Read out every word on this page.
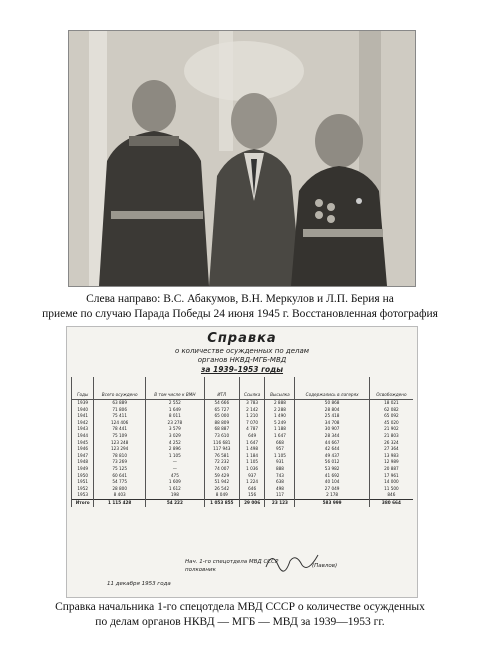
Слева направо: В.С. Абакумов, В.Н. Меркулов и Л.П. Берия на
приеме по случаю Парада Победы 24 июня 1945 г. Восстановленная фотография
Справка
о количестве осужденных по делам
органов НКВД-МГБ-МВД
за 1939–1953 годы
Годы	Всего осуждено	В том числе к ВМН	ИТЛ	Ссылка	Высылка	Содержались в лагерях	Освобождено
1939	63 889	2 552	54 666	3 783	2 888	50 868	18 021
1940	71 806	1 649	65 727	2 142	2 288	28 804	62 082
1941	75 411	8 011	65 000	1 210	1 490	25 418	65 092
1942	124 406	23 278	88 809	7 070	5 249	34 708	45 020
1943	78 441	3 579	68 887	4 787	1 188	30 907	21 902
1944	75 109	3 029	73 610	649	1 647	28 344	21 803
1945	123 248	4 252	116 681	1 647	668	44 667	26 324
1946	123 294	2 896	117 943	1 498	957	42 644	27 364
1947	78 810	1 105	76 581	1 184	1 105	49 437	13 983
1948	73 269	—	72 232	1 105	931	56 012	12 989
1949	75 125	—	74 007	1 036	888	53 982	20 887
1950	60 641	475	59 429	937	743	41 692	17 961
1951	54 775	1 609	51 942	1 224	638	40 104	14 000
1952	28 800	1 612	26 542	646	498	27 049	11 500
1953	8 403	198	8 049	156	117	2 178	846
Итого	1 115 428	54 222	1 053 855	29 006	23 123	583 999	380 664
Нач. 1-го спецотдела МВД СССР
полковник
(Павлов)
11 декабря 1953 года
Справка начальника 1-го спецотдела МВД СССР о количестве осужденных
по делам органов НКВД — МГБ — МВД за 1939—1953 гг.
